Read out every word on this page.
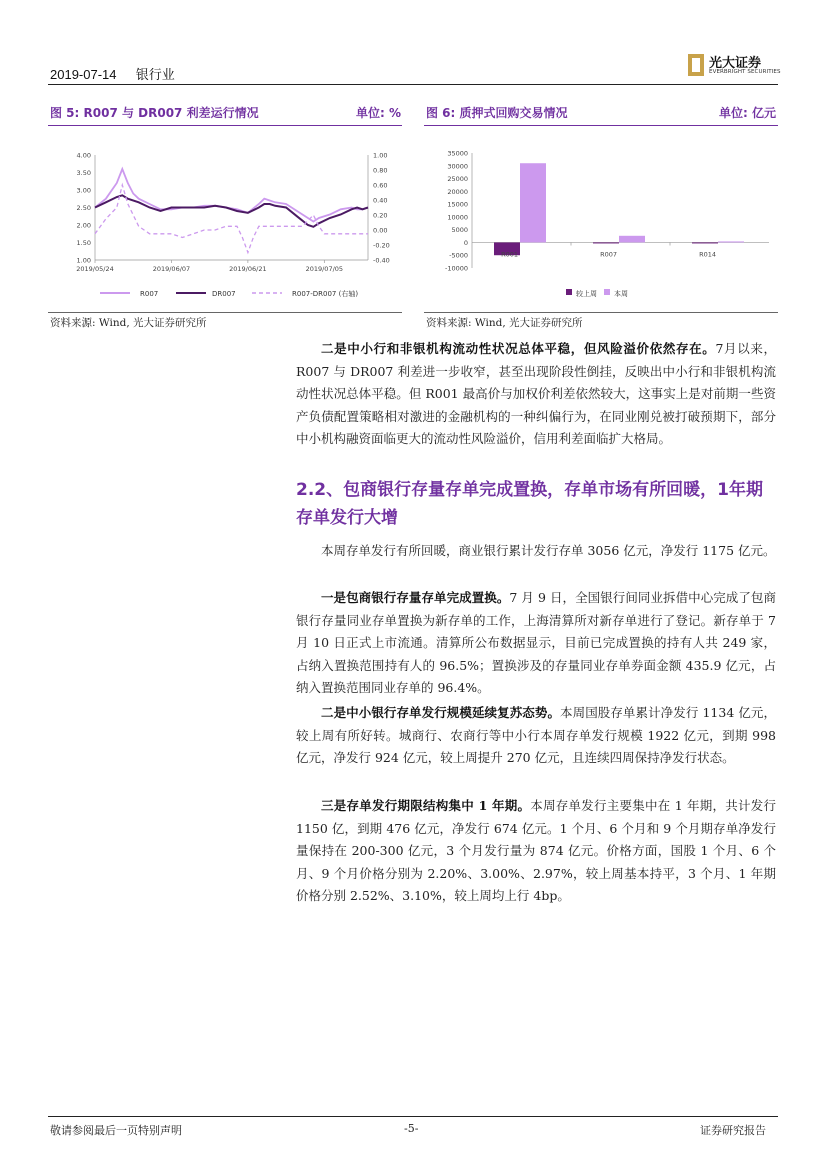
2019-07-14 银行业
光大证券
EVERBRIGHT SECURITIES
图 5: R007 与 DR007 利差运行情况	单位: %
4.00
3.50
3.00
2.50
2.00
1.50
1.00
1.00
0.80
0.60
0.40
0.20
0.00
-0.20
-0.40
2019/05/24	2019/06/07	2019/06/21	2019/07/05
R007	DR007	R007-DR007 (右轴)
资料来源: Wind, 光大证券研究所
图 6: 质押式回购交易情况	单位: 亿元
35000
30000
25000
20000
15000
10000
5000
0
-5000
-10000
R001	R007	R014
较上周 本周
资料来源: Wind, 光大证券研究所
二是中小行和非银机构流动性状况总体平稳，但风险溢价依然存在。7月以来，R007 与 DR007 利差进一步收窄，甚至出现阶段性倒挂，反映出中小行和非银机构流动性状况总体平稳。但 R001 最高价与加权价利差依然较大，这事实上是对前期一些资产负债配置策略相对激进的金融机构的一种纠偏行为，在同业刚兑被打破预期下，部分中小机构融资面临更大的流动性风险溢价，信用利差面临扩大格局。
2.2、包商银行存量存单完成置换，存单市场有所回暖，1年期存单发行大增
本周存单发行有所回暖，商业银行累计发行存单 3056 亿元，净发行 1175 亿元。
一是包商银行存量存单完成置换。7 月 9 日，全国银行间同业拆借中心完成了包商银行存量同业存单置换为新存单的工作，上海清算所对新存单进行了登记。新存单于 7 月 10 日正式上市流通。清算所公布数据显示，目前已完成置换的持有人共 249 家，占纳入置换范围持有人的 96.5%；置换涉及的存量同业存单券面金额 435.9 亿元，占纳入置换范围同业存单的 96.4%。
二是中小银行存单发行规模延续复苏态势。本周国股存单累计净发行 1134 亿元，较上周有所好转。城商行、农商行等中小行本周存单发行规模 1922 亿元，到期 998 亿元，净发行 924 亿元，较上周提升 270 亿元，且连续四周保持净发行状态。
三是存单发行期限结构集中 1 年期。本周存单发行主要集中在 1 年期，共计发行 1150 亿，到期 476 亿元，净发行 674 亿元。1 个月、6 个月和 9 个月期存单净发行量保持在 200-300 亿元，3 个月发行量为 874 亿元。价格方面，国股 1 个月、6 个月、9 个月价格分别为 2.20%、3.00%、2.97%，较上周基本持平，3 个月、1 年期价格分别 2.52%、3.10%，较上周均上行 4bp。
敬请参阅最后一页特别声明	-5-	证券研究报告
